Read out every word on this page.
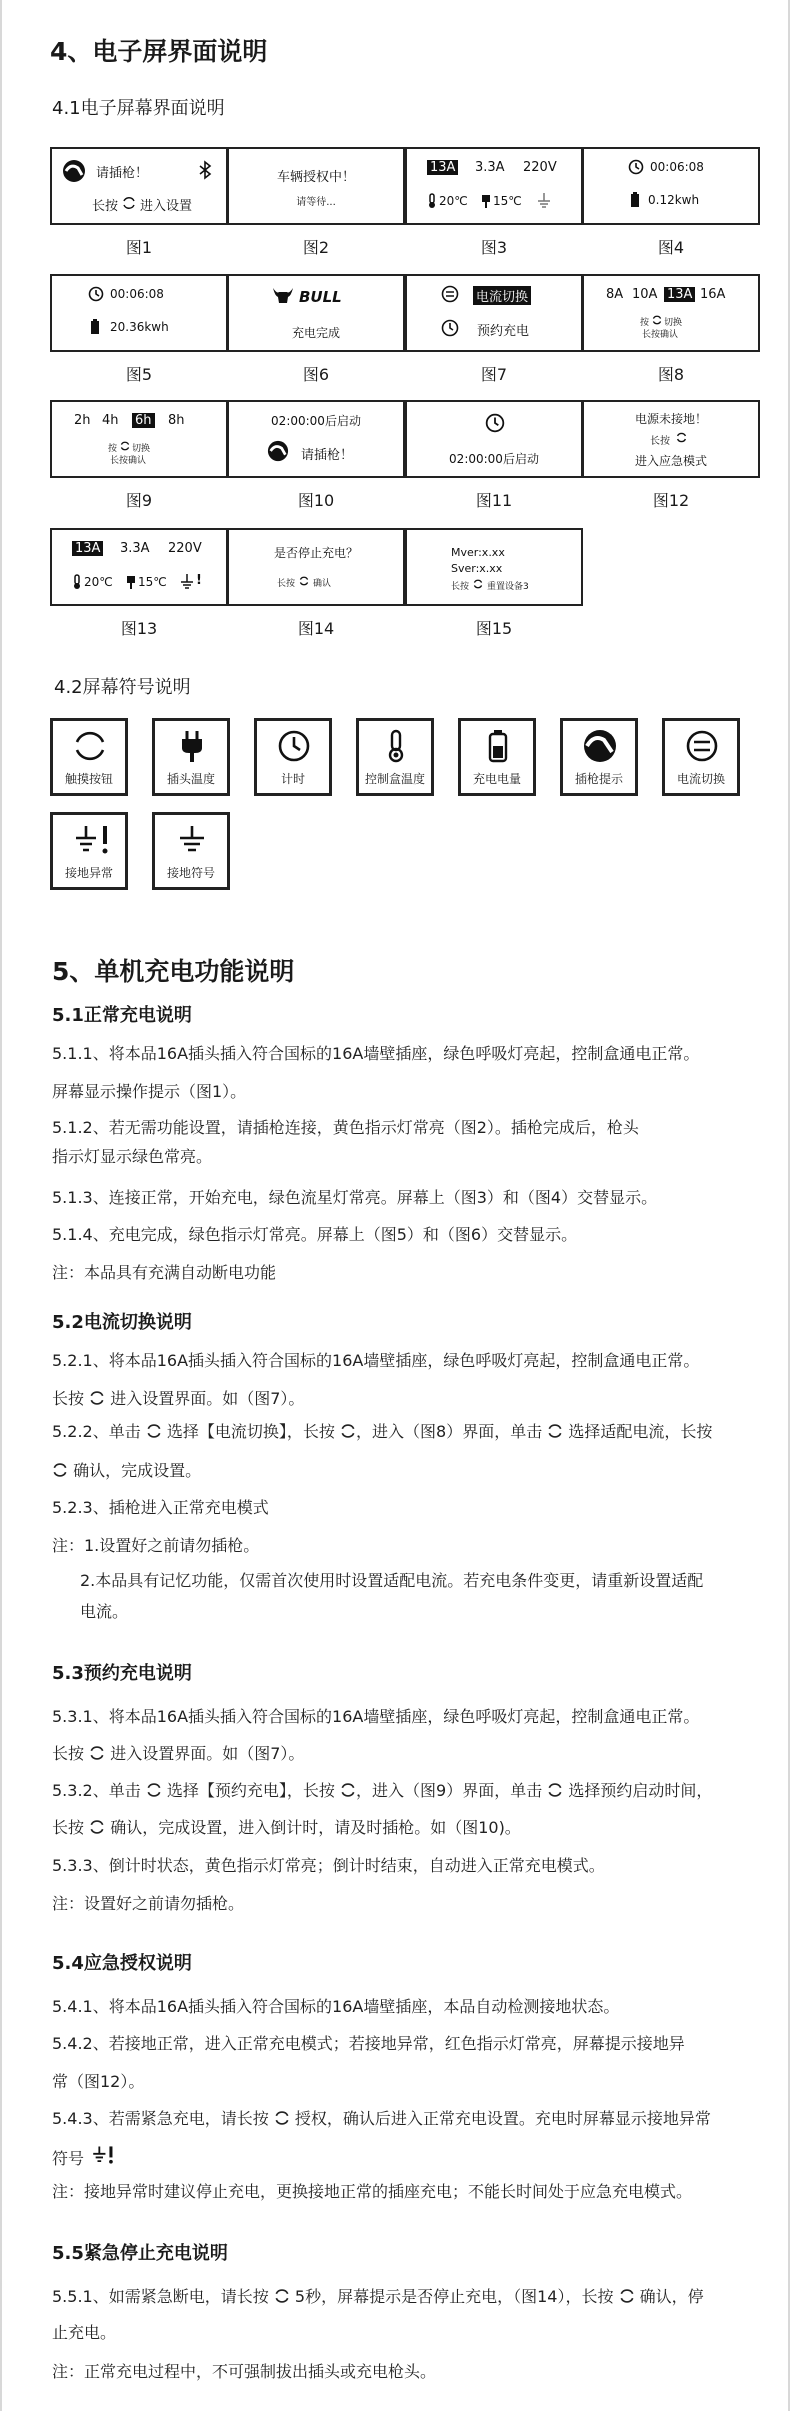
4、电子屏界面说明
4.1电子屏幕界面说明
请插枪！
长按 进入设置
图1
车辆授权中！
请等待...
图2
13A 3.3A 220V
20℃ 15℃
图3
00:06:08
0.12kwh
图4
00:06:08
20.36kwh
图5
BULL
充电完成
图6
电流切换
预约充电
图7
8A 10A 13A 16A
按 切换
长按确认
图8
2h 4h 6h 8h
按 切换
长按确认
图9
02:00:00后启动
请插枪！
图10
02:00:00后启动
图11
电源未接地！
长按
进入应急模式
图12
13A 3.3A 220V
20℃ 15℃ !
图13
是否停止充电？
长按 确认
图14
Mver:x.xx
Sver:x.xx
长按 重置设备3
图15
4.2屏幕符号说明
触摸按钮	插头温度	计时	控制盒温度	充电电量	插枪提示	电流切换
接地异常	接地符号
5、单机充电功能说明
5.1正常充电说明
5.1.1、将本品16A插头插入符合国标的16A墙壁插座，绿色呼吸灯亮起，控制盒通电正常。
屏幕显示操作提示（图1）。
5.1.2、若无需功能设置，请插枪连接，黄色指示灯常亮（图2）。插枪完成后，枪头
指示灯显示绿色常亮。
5.1.3、连接正常，开始充电，绿色流星灯常亮。屏幕上（图3）和（图4）交替显示。
5.1.4、充电完成，绿色指示灯常亮。屏幕上（图5）和（图6）交替显示。
注：本品具有充满自动断电功能
5.2电流切换说明
5.2.1、将本品16A插头插入符合国标的16A墙壁插座，绿色呼吸灯亮起，控制盒通电正常。
长按 进入设置界面。如（图7）。
5.2.2、单击 选择【电流切换】，长按 ，进入（图8）界面，单击 选择适配电流，长按
确认，完成设置。
5.2.3、插枪进入正常充电模式
注：1.设置好之前请勿插枪。
2.本品具有记忆功能，仅需首次使用时设置适配电流。若充电条件变更，请重新设置适配
电流。
5.3预约充电说明
5.3.1、将本品16A插头插入符合国标的16A墙壁插座，绿色呼吸灯亮起，控制盒通电正常。
长按 进入设置界面。如（图7）。
5.3.2、单击 选择【预约充电】，长按 ，进入（图9）界面，单击 选择预约启动时间，
长按 确认，完成设置，进入倒计时，请及时插枪。如（图10)。
5.3.3、倒计时状态，黄色指示灯常亮；倒计时结束，自动进入正常充电模式。
注：设置好之前请勿插枪。
5.4应急授权说明
5.4.1、将本品16A插头插入符合国标的16A墙壁插座，本品自动检测接地状态。
5.4.2、若接地正常，进入正常充电模式；若接地异常，红色指示灯常亮，屏幕提示接地异
常（图12）。
5.4.3、若需紧急充电，请长按 授权，确认后进入正常充电设置。充电时屏幕显示接地异常
符号
注：接地异常时建议停止充电，更换接地正常的插座充电；不能长时间处于应急充电模式。
5.5紧急停止充电说明
5.5.1、如需紧急断电，请长按 5秒，屏幕提示是否停止充电，（图14），长按 确认，停
止充电。
注：正常充电过程中，不可强制拔出插头或充电枪头。
